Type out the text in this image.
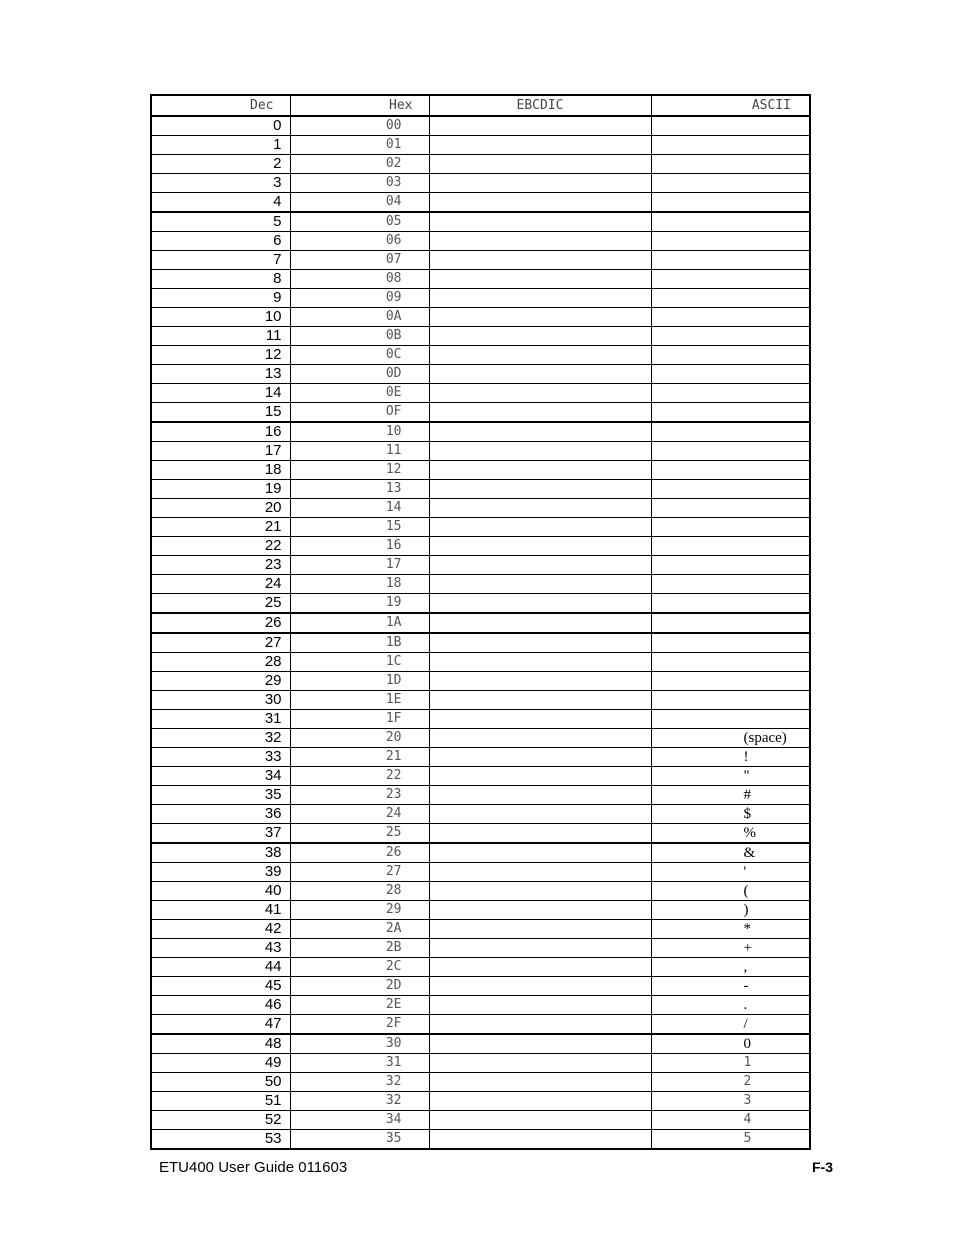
Dec	Hex	EBCDIC	ASCII
0	00		
1	01		
2	02		
3	03		
4	04		
5	05		
6	06		
7	07		
8	08		
9	09		
10	0A		
11	0B		
12	0C		
13	0D		
14	0E		
15	OF		
16	10		
17	11		
18	12		
19	13		
20	14		
21	15		
22	16		
23	17		
24	18		
25	19		
26	1A		
27	1B		
28	1C		
29	1D		
30	1E		
31	1F		
32	20		(space)
33	21		!
34	22		"
35	23		#
36	24		$
37	25		%
38	26		&
39	27		'
40	28		(
41	29		)
42	2A		*
43	2B		+
44	2C		,
45	2D		-
46	2E		.
47	2F		/
48	30		0
49	31		1
50	32		2
51	32		3
52	34		4
53	35		5
ETU400 User Guide 011603	F-3
